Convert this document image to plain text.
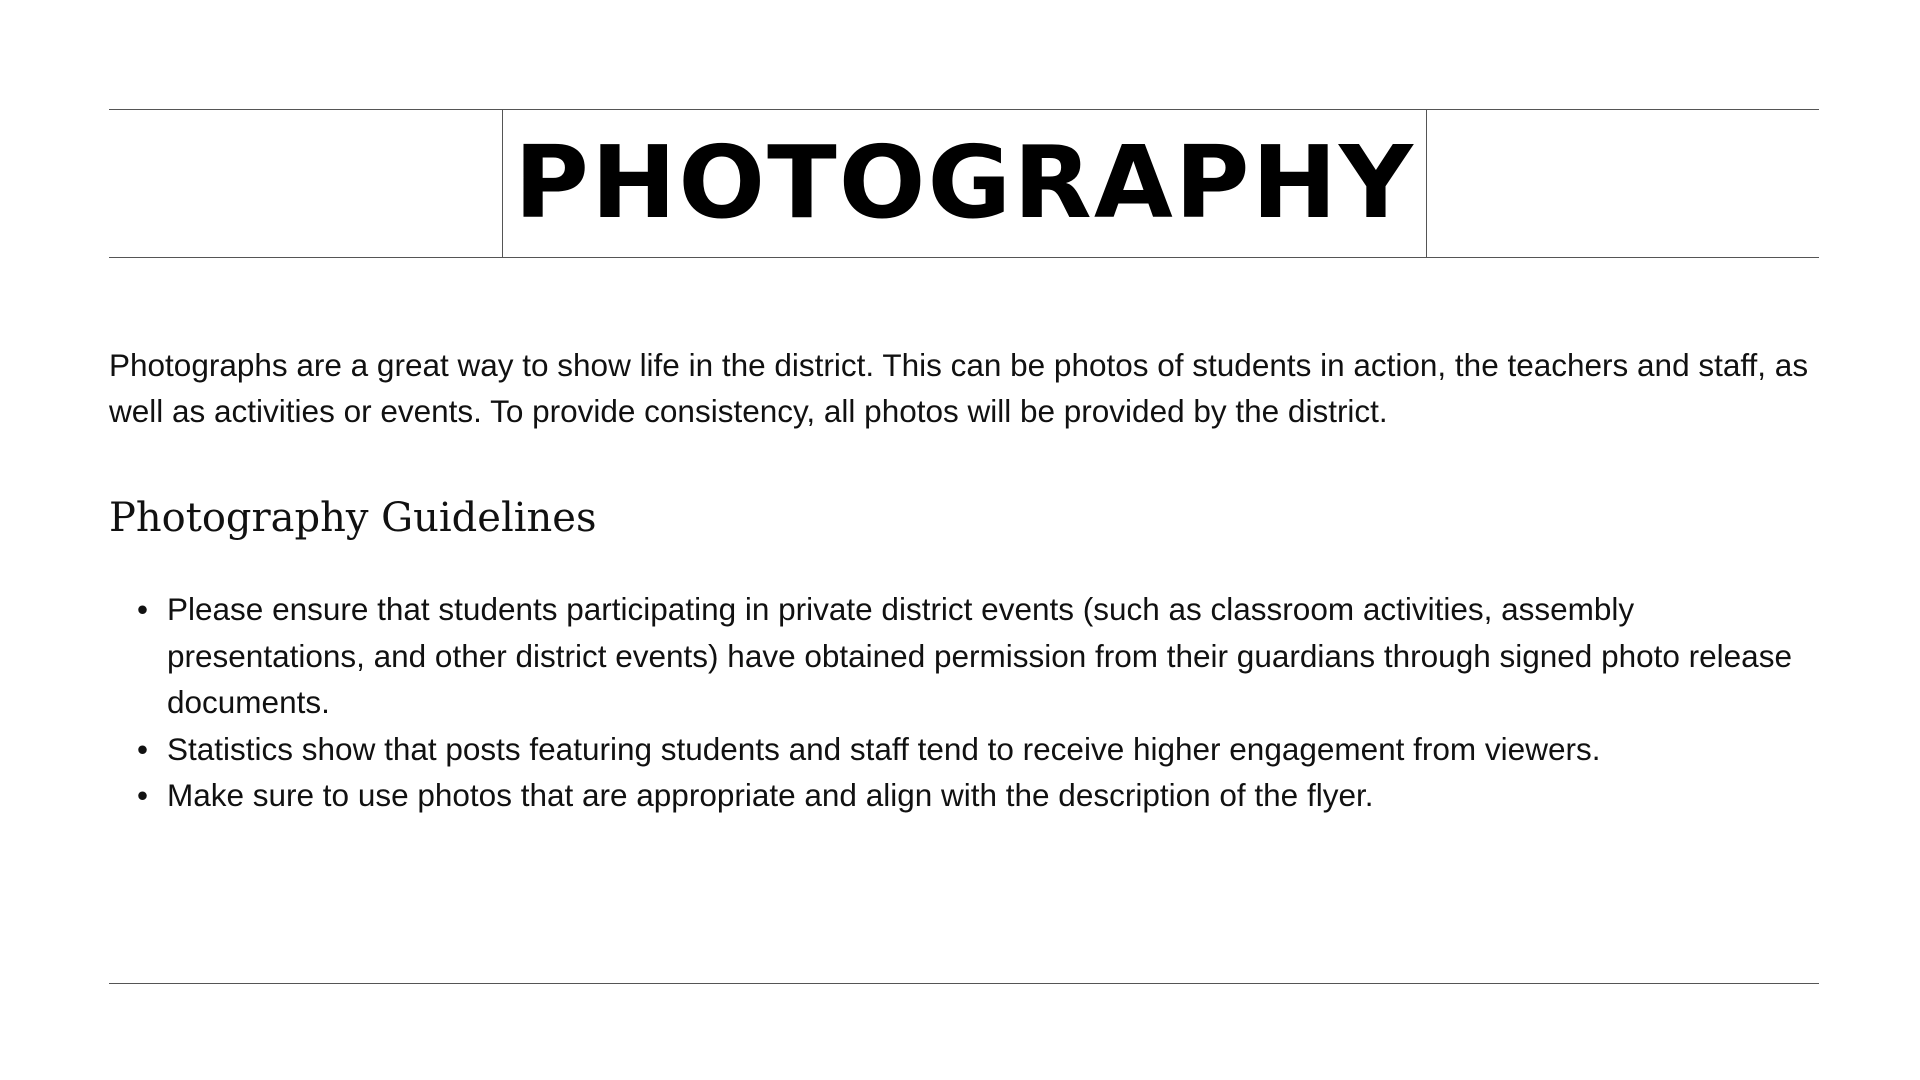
PHOTOGRAPHY

Photographs are a great way to show life in the district. This can be photos of students in action, the teachers and staff, as well as activities or events. To provide consistency, all photos will be provided by the district.

Photography Guidelines
• Please ensure that students participating in private district events (such as classroom activities, assembly presentations, and other district events) have obtained permission from their guardians through signed photo release documents.
• Statistics show that posts featuring students and staff tend to receive higher engagement from viewers.
• Make sure to use photos that are appropriate and align with the description of the flyer.
